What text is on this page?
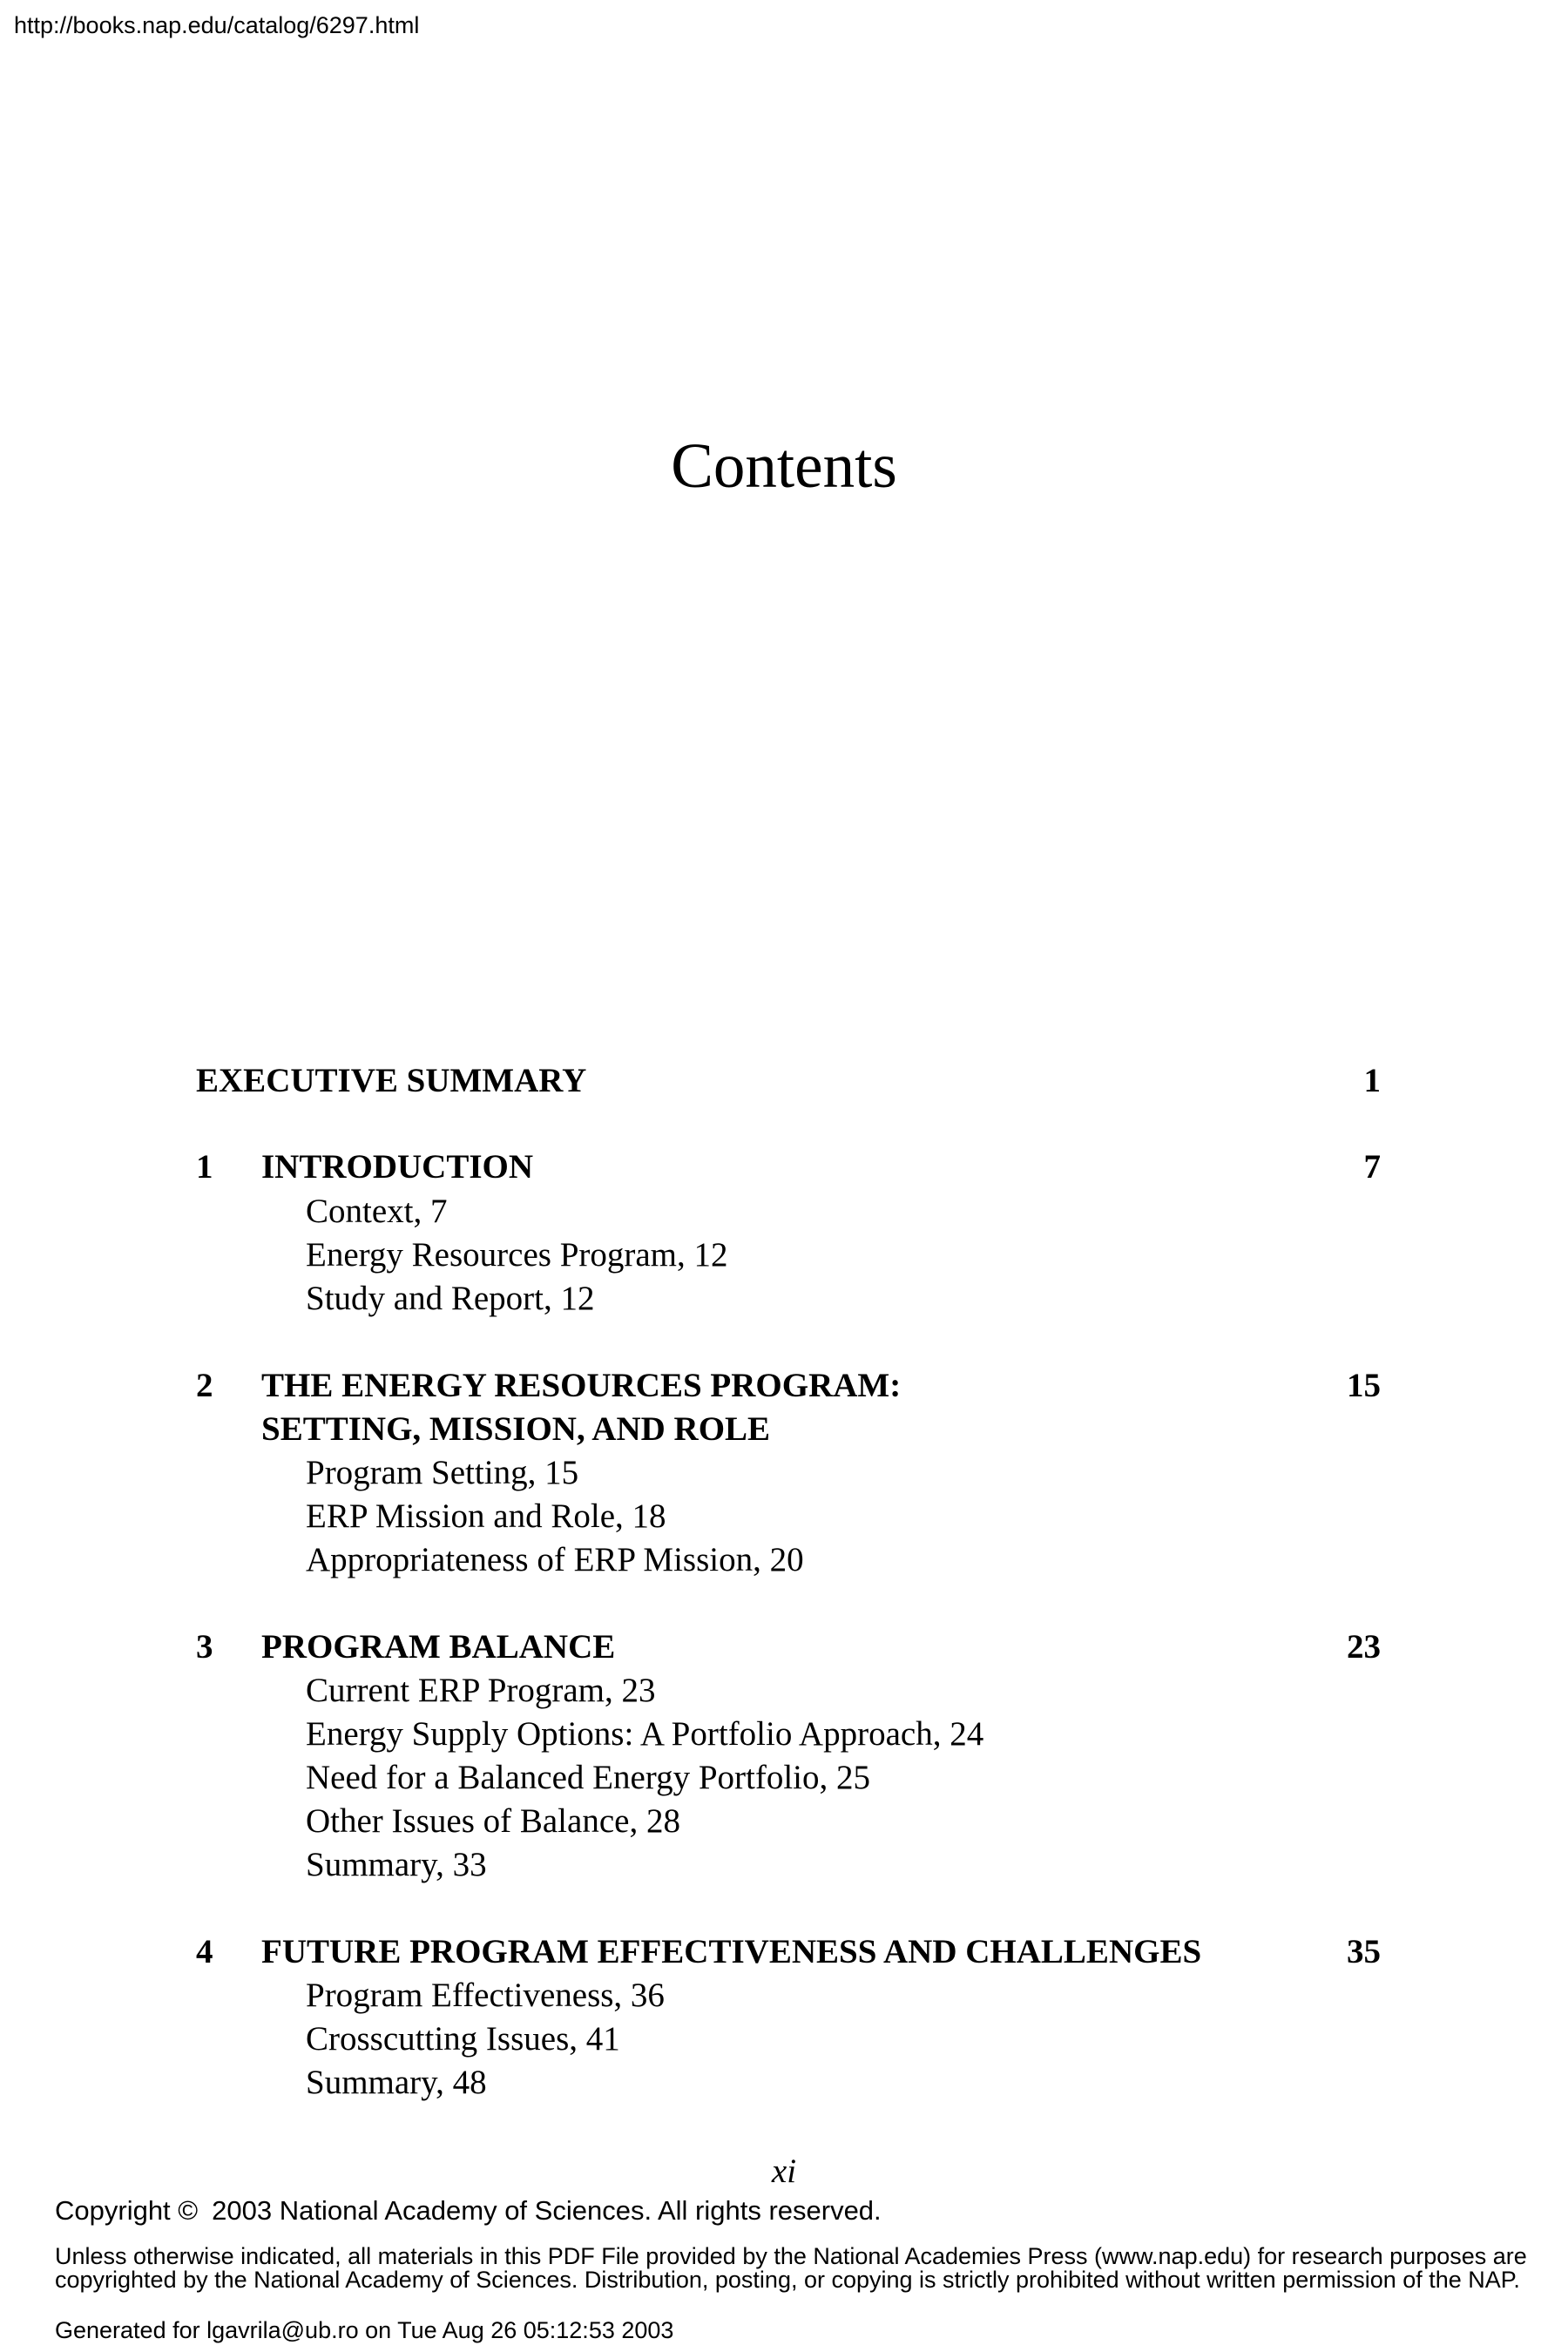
http://books.nap.edu/catalog/6297.html
Contents
EXECUTIVE SUMMARY	1
1 INTRODUCTION	7
Context, 7
Energy Resources Program, 12
Study and Report, 12
2 THE ENERGY RESOURCES PROGRAM:	15
SETTING, MISSION, AND ROLE
Program Setting, 15
ERP Mission and Role, 18
Appropriateness of ERP Mission, 20
3 PROGRAM BALANCE	23
Current ERP Program, 23
Energy Supply Options: A Portfolio Approach, 24
Need for a Balanced Energy Portfolio, 25
Other Issues of Balance, 28
Summary, 33
4 FUTURE PROGRAM EFFECTIVENESS AND CHALLENGES	35
Program Effectiveness, 36
Crosscutting Issues, 41
Summary, 48
xi
Copyright © 2003 National Academy of Sciences. All rights reserved.
Unless otherwise indicated, all materials in this PDF File provided by the National Academies Press (www.nap.edu) for research purposes are copyrighted by the National Academy of Sciences. Distribution, posting, or copying is strictly prohibited without written permission of the NAP.
Generated for lgavrila@ub.ro on Tue Aug 26 05:12:53 2003
